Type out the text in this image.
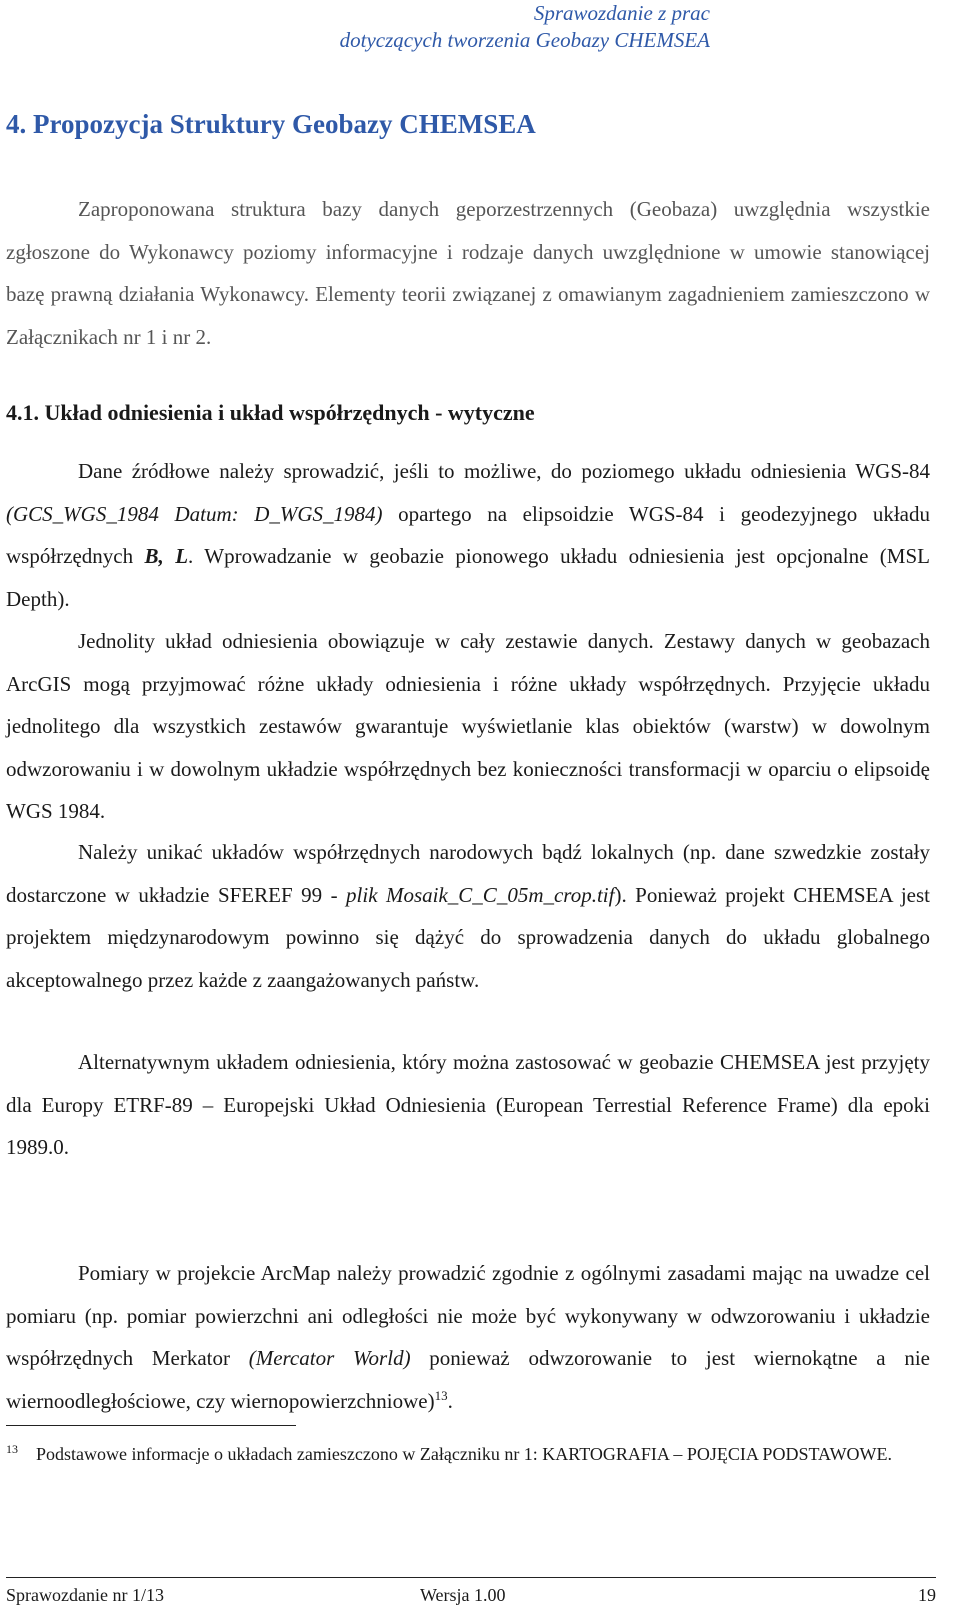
Sprawozdanie z prac
dotyczących tworzenia Geobazy CHEMSEA
4. Propozycja Struktury Geobazy CHEMSEA

Zaproponowana struktura bazy danych geporzestrzennych (Geobaza) uwzględnia wszystkie zgłoszone do Wykonawcy poziomy informacyjne i rodzaje danych uwzględnione w umowie stanowiącej bazę prawną działania Wykonawcy. Elementy teorii związanej z omawianym zagadnieniem zamieszczono w Załącznikach nr 1 i nr 2.

4.1. Układ odniesienia i układ współrzędnych - wytyczne

Dane źródłowe należy sprowadzić, jeśli to możliwe, do poziomego układu odniesienia WGS-84 (GCS_WGS_1984 Datum: D_WGS_1984) opartego na elipsoidzie WGS-84 i geodezyjnego układu współrzędnych B, L. Wprowadzanie w geobazie pionowego układu odniesienia jest opcjonalne (MSL Depth).

Jednolity układ odniesienia obowiązuje w cały zestawie danych. Zestawy danych w geobazach ArcGIS mogą przyjmować różne układy odniesienia i różne układy współrzędnych. Przyjęcie układu jednolitego dla wszystkich zestawów gwarantuje wyświetlanie klas obiektów (warstw) w dowolnym odwzorowaniu i w dowolnym układzie współrzędnych bez konieczności transformacji w oparciu o elipsoidę WGS 1984.

Należy unikać układów współrzędnych narodowych bądź lokalnych (np. dane szwedzkie zostały dostarczone w układzie SFEREF 99 - plik Mosaik_C_C_05m_crop.tif). Ponieważ projekt CHEMSEA jest projektem międzynarodowym powinno się dążyć do sprowadzenia danych do układu globalnego akceptowalnego przez każde z zaangażowanych państw.

Alternatywnym układem odniesienia, który można zastosować w geobazie CHEMSEA jest przyjęty dla Europy ETRF-89 – Europejski Układ Odniesienia (European Terrestial Reference Frame) dla epoki 1989.0.

Pomiary w projekcie ArcMap należy prowadzić zgodnie z ogólnymi zasadami mając na uwadze cel pomiaru (np. pomiar powierzchni ani odległości nie może być wykonywany w odwzorowaniu i układzie współrzędnych Merkator (Mercator World) ponieważ odwzorowanie to jest wiernokątne a nie wiernoodległościowe, czy wiernopowierzchniowe)$^{13}$.

$^{13}$ Podstawowe informacje o układach zamieszczono w Załączniku nr 1: KARTOGRAFIA – POJĘCIA PODSTAWOWE.

Sprawozdanie nr 1/13	Wersja 1.00	19
